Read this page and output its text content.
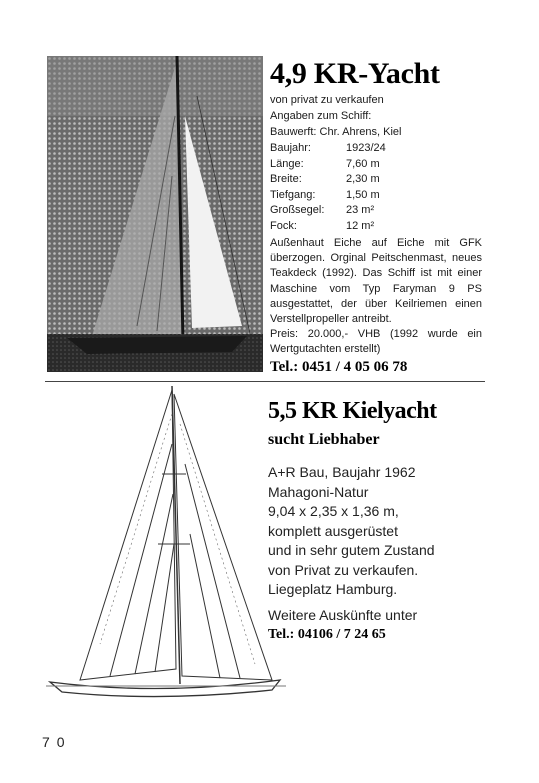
4,9 KR-Yacht
von privat zu verkaufen
Angaben zum Schiff:
Bauwerft: Chr. Ahrens, Kiel
Baujahr:	1923/24
Länge:	7,60 m
Breite:	2,30 m
Tiefgang:	1,50 m
Großsegel:	23 m²
Fock:	12 m²
Außenhaut Eiche auf Eiche mit GFK überzogen. Orginal Peitschenmast, neues Teakdeck (1992). Das Schiff ist mit einer Maschine vom Typ Faryman 9 PS ausgestattet, der über Keilriemen einen Verstellpropeller antreibt.
Preis: 20.000,- VHB (1992 wurde ein Wertgutachten erstellt)
Tel.: 0451 / 4 05 06 78
5,5 KR Kielyacht
sucht Liebhaber
A+R Bau, Baujahr 1962
Mahagoni-Natur
9,04 x 2,35 x 1,36 m,
komplett ausgerüstet
und in sehr gutem Zustand
von Privat zu verkaufen.
Liegeplatz Hamburg.
Weitere Auskünfte unter
Tel.: 04106 / 7 24 65
70
